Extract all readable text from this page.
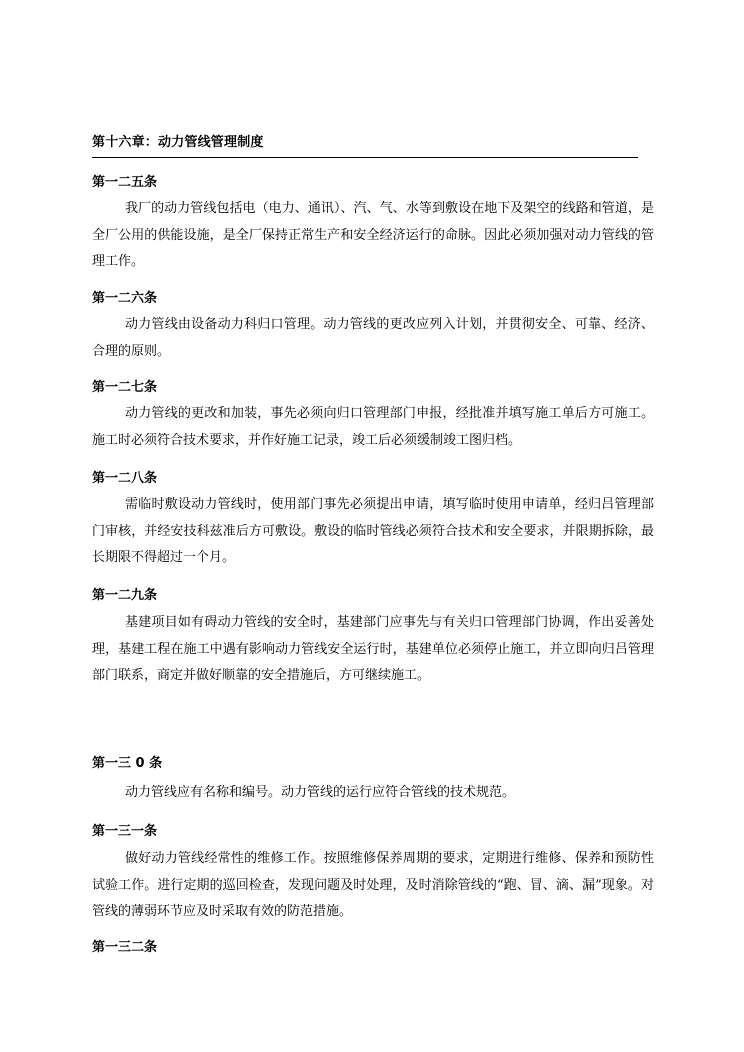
第十六章：动力管线管理制度
第一二五条
我厂的动力管线包括电（电力、通讯）、汽、气、水等到敷设在地下及架空的线路和管道，是全厂公用的供能设施，是全厂保持正常生产和安全经济运行的命脉。因此必须加强对动力管线的管理工作。
第一二六条
动力管线由设备动力科归口管理。动力管线的更改应列入计划，并贯彻安全、可靠、经济、合理的原则。
第一二七条
动力管线的更改和加装，事先必须向归口管理部门申报，经批准并填写施工单后方可施工。施工时必须符合技术要求，并作好施工记录，竣工后必须缓制竣工图归档。
第一二八条
需临时敷设动力管线时，使用部门事先必须提出申请，填写临时使用申请单，经归吕管理部门审核，并经安技科兹准后方可敷设。敷设的临时管线必须符合技术和安全要求，并限期拆除，最长期限不得超过一个月。
第一二九条
基建项目如有碍动力管线的安全时，基建部门应事先与有关归口管理部门协调，作出妥善处理，基建工程在施工中遇有影响动力管线安全运行时，基建单位必须停止施工，并立即向归吕管理部门联系，商定并做好顺靠的安全措施后，方可继续施工。
第一三 0 条
动力管线应有名称和编号。动力管线的运行应符合管线的技术规范。
第一三一条
做好动力管线经常性的维修工作。按照维修保养周期的要求，定期进行维修、保养和预防性试验工作。进行定期的巡回检查，发现问题及时处理，及时消除管线的“跑、冒、滴、漏”现象。对管线的薄弱环节应及时采取有效的防范措施。
第一三二条
